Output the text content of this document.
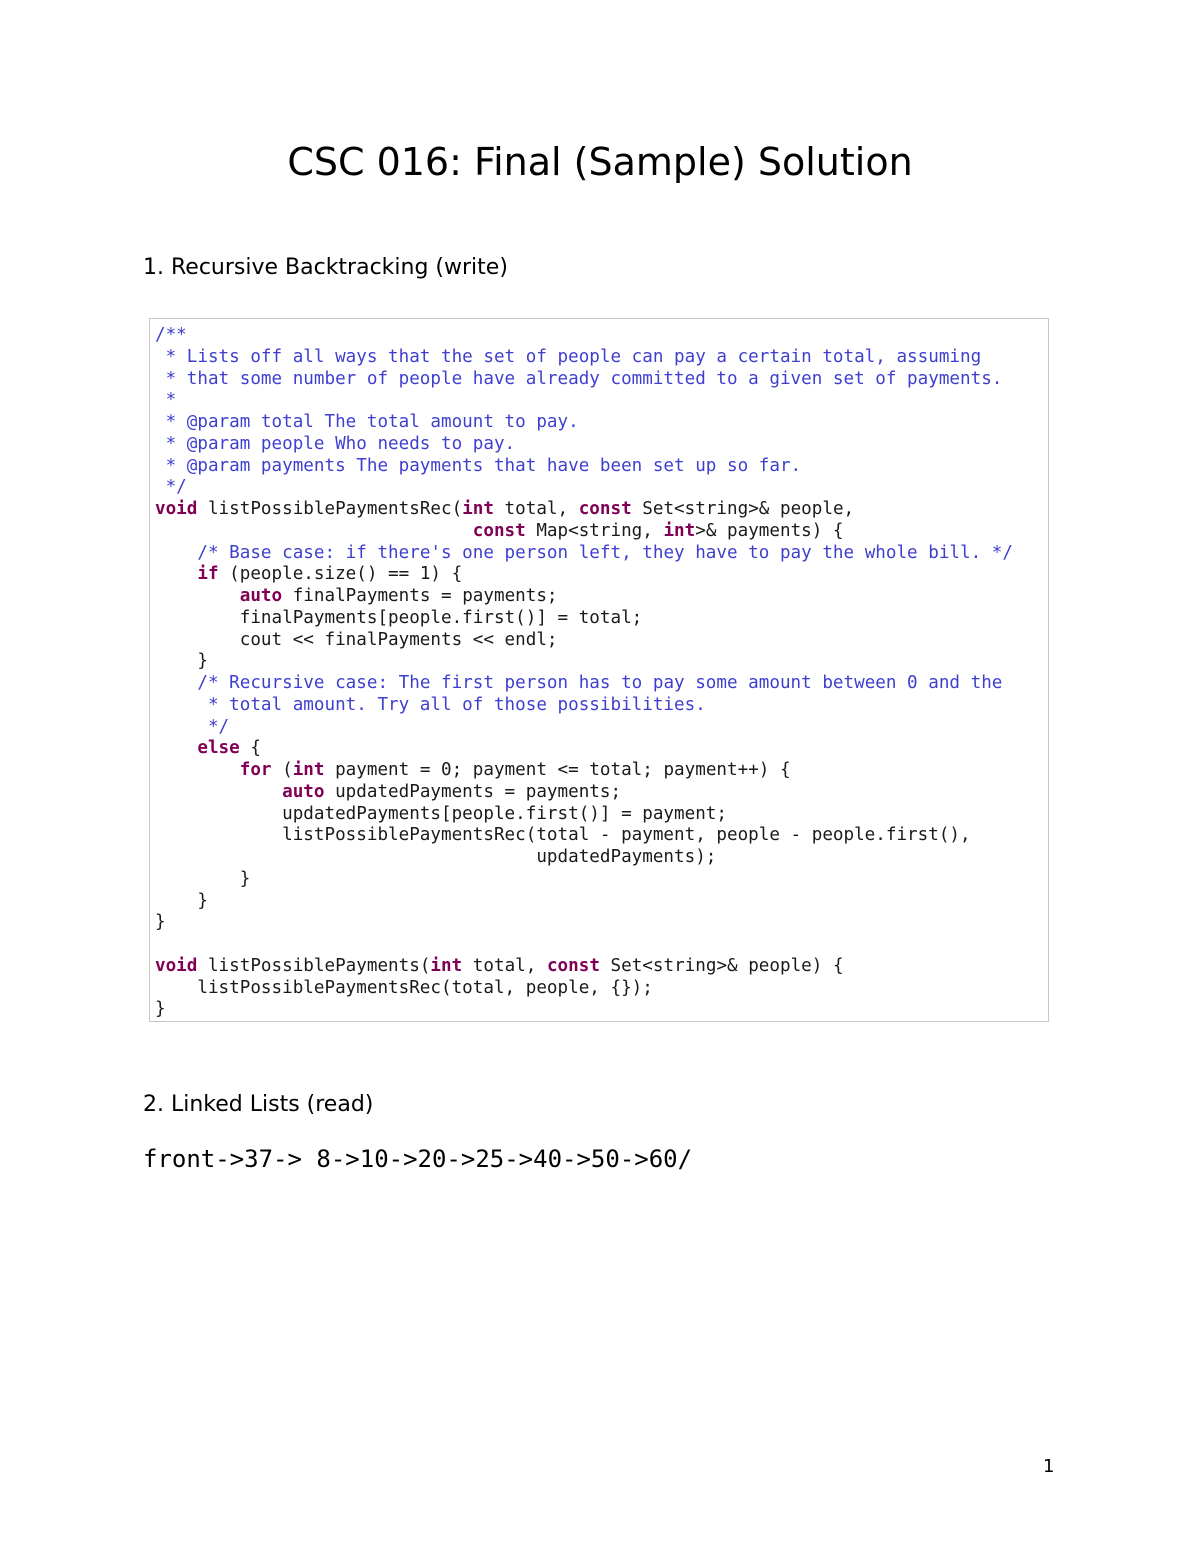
CSC 016: Final (Sample) Solution
1. Recursive Backtracking (write)
/**
* Lists off all ways that the set of people can pay a certain total, assuming
* that some number of people have already committed to a given set of payments.
*
* @param total The total amount to pay.
* @param people Who needs to pay.
* @param payments The payments that have been set up so far.
*/
void listPossiblePaymentsRec(int total, const Set<string>& people,
const Map<string, int>& payments) {
/* Base case: if there's one person left, they have to pay the whole bill. */
if (people.size() == 1) {
auto finalPayments = payments;
finalPayments[people.first()] = total;
cout << finalPayments << endl;
}
/* Recursive case: The first person has to pay some amount between 0 and the
* total amount. Try all of those possibilities.
*/
else {
for (int payment = 0; payment <= total; payment++) {
auto updatedPayments = payments;
updatedPayments[people.first()] = payment;
listPossiblePaymentsRec(total - payment, people - people.first(),
updatedPayments);
}
}
}
void listPossiblePayments(int total, const Set<string>& people) {
listPossiblePaymentsRec(total, people, {});
}
2. Linked Lists (read)
front->37-> 8->10->20->25->40->50->60/
1
